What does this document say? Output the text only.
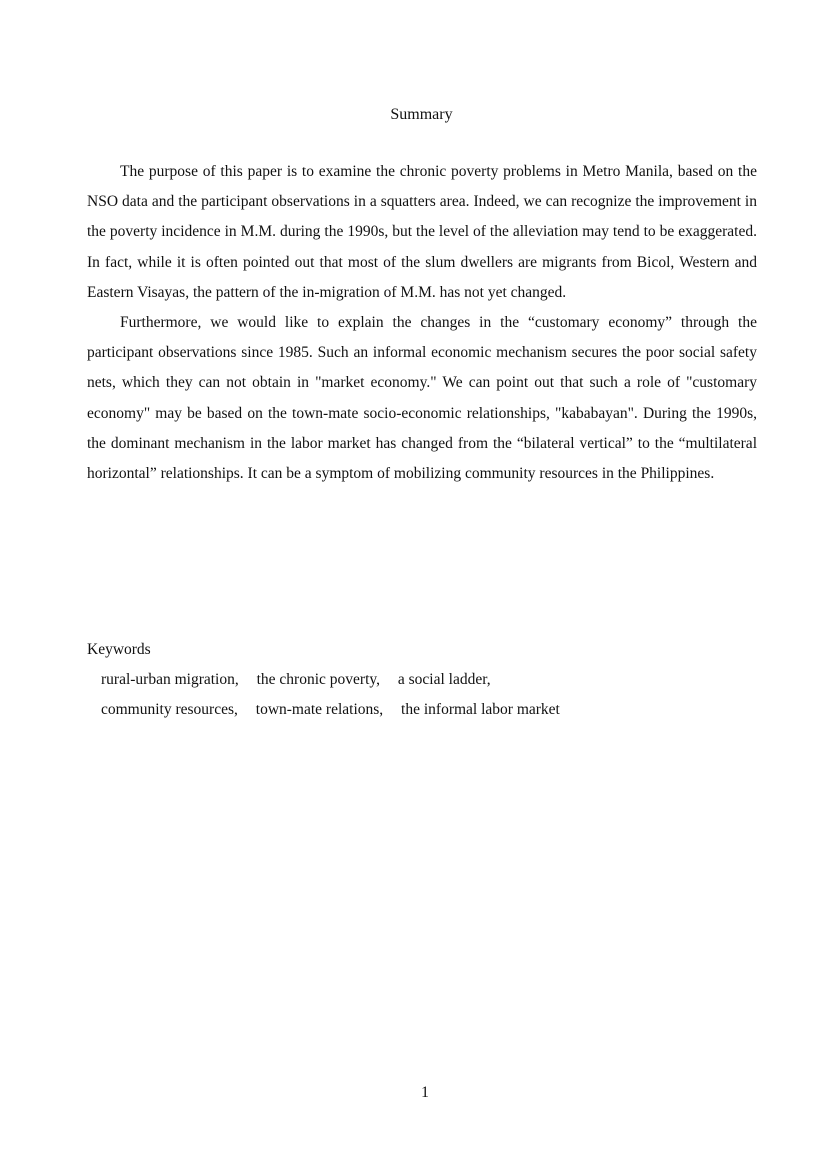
Summary

The purpose of this paper is to examine the chronic poverty problems in Metro Manila, based on the NSO data and the participant observations in a squatters area. Indeed, we can recognize the improvement in the poverty incidence in M.M. during the 1990s, but the level of the alleviation may tend to be exaggerated. In fact, while it is often pointed out that most of the slum dwellers are migrants from Bicol, Western and Eastern Visayas, the pattern of the in-migration of M.M. has not yet changed.

Furthermore, we would like to explain the changes in the “customary economy” through the participant observations since 1985. Such an informal economic mechanism secures the poor social safety nets, which they can not obtain in "market economy." We can point out that such a role of "customary economy" may be based on the town-mate socio-economic relationships, "kababayan". During the 1990s, the dominant mechanism in the labor market has changed from the “bilateral vertical” to the “multilateral horizontal” relationships. It can be a symptom of mobilizing community resources in the Philippines.

Keywords
rural-urban migration, the chronic poverty, a social ladder,
community resources, town-mate relations, the informal labor market
1
